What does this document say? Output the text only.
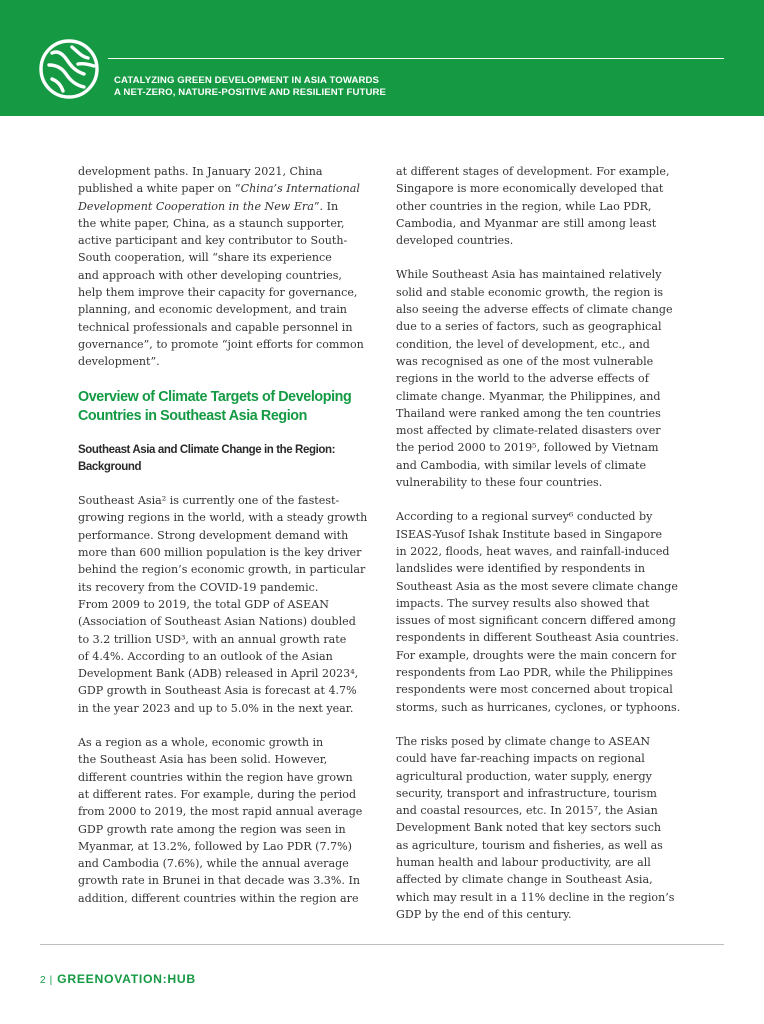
CATALYZING GREEN DEVELOPMENT IN ASIA TOWARDS
A NET-ZERO, NATURE-POSITIVE AND RESILIENT FUTURE

development paths. In January 2021, China
published a white paper on “China’s International
Development Cooperation in the New Era”. In
the white paper, China, as a staunch supporter,
active participant and key contributor to South-
South cooperation, will “share its experience
and approach with other developing countries,
help them improve their capacity for governance,
planning, and economic development, and train
technical professionals and capable personnel in
governance”, to promote “joint efforts for common
development”.

Overview of Climate Targets of Developing
Countries in Southeast Asia Region
Southeast Asia and Climate Change in the Region:
Background

Southeast Asia² is currently one of the fastest-
growing regions in the world, with a steady growth
performance. Strong development demand with
more than 600 million population is the key driver
behind the region’s economic growth, in particular
its recovery from the COVID-19 pandemic.
From 2009 to 2019, the total GDP of ASEAN
(Association of Southeast Asian Nations) doubled
to 3.2 trillion USD³, with an annual growth rate
of 4.4%. According to an outlook of the Asian
Development Bank (ADB) released in April 2023⁴,
GDP growth in Southeast Asia is forecast at 4.7%
in the year 2023 and up to 5.0% in the next year.

As a region as a whole, economic growth in
the Southeast Asia has been solid. However,
different countries within the region have grown
at different rates. For example, during the period
from 2000 to 2019, the most rapid annual average
GDP growth rate among the region was seen in
Myanmar, at 13.2%, followed by Lao PDR (7.7%)
and Cambodia (7.6%), while the annual average
growth rate in Brunei in that decade was 3.3%. In
addition, different countries within the region are

at different stages of development. For example,
Singapore is more economically developed that
other countries in the region, while Lao PDR,
Cambodia, and Myanmar are still among least
developed countries.

While Southeast Asia has maintained relatively
solid and stable economic growth, the region is
also seeing the adverse effects of climate change
due to a series of factors, such as geographical
condition, the level of development, etc., and
was recognised as one of the most vulnerable
regions in the world to the adverse effects of
climate change. Myanmar, the Philippines, and
Thailand were ranked among the ten countries
most affected by climate-related disasters over
the period 2000 to 2019⁵, followed by Vietnam
and Cambodia, with similar levels of climate
vulnerability to these four countries.

According to a regional survey⁶ conducted by
ISEAS-Yusof Ishak Institute based in Singapore
in 2022, floods, heat waves, and rainfall-induced
landslides were identified by respondents in
Southeast Asia as the most severe climate change
impacts. The survey results also showed that
issues of most significant concern differed among
respondents in different Southeast Asia countries.
For example, droughts were the main concern for
respondents from Lao PDR, while the Philippines
respondents were most concerned about tropical
storms, such as hurricanes, cyclones, or typhoons.

The risks posed by climate change to ASEAN
could have far-reaching impacts on regional
agricultural production, water supply, energy
security, transport and infrastructure, tourism
and coastal resources, etc. In 2015⁷, the Asian
Development Bank noted that key sectors such
as agriculture, tourism and fisheries, as well as
human health and labour productivity, are all
affected by climate change in Southeast Asia,
which may result in a 11% decline in the region’s
GDP by the end of this century.

2 | GREENOVATION:HUB
